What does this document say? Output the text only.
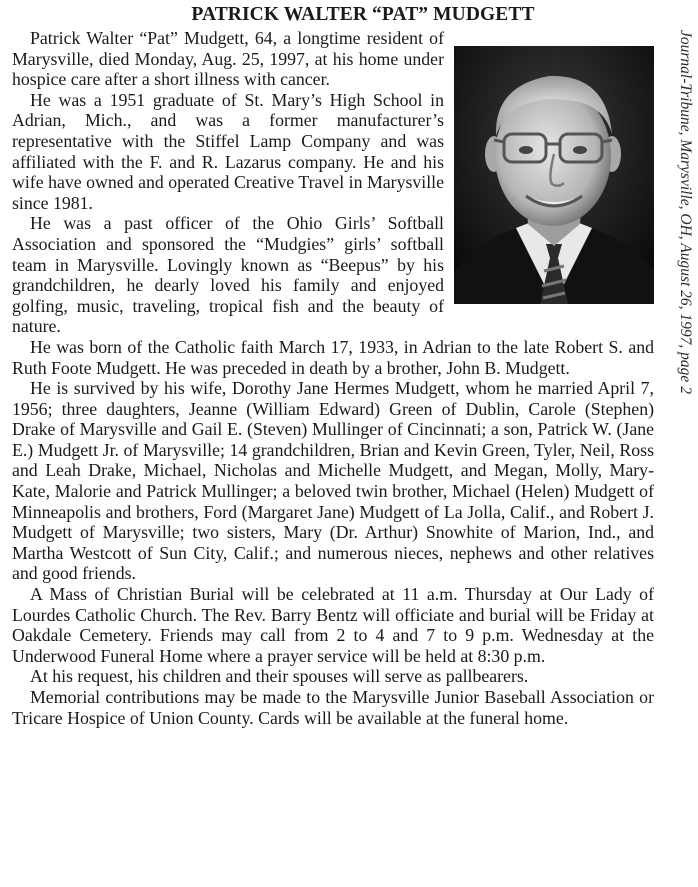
PATRICK WALTER “PAT” MUDGETT

Patrick Walter “Pat” Mudgett, 64, a longtime resident of Marysville, died Monday, Aug. 25, 1997, at his home under hospice care after a short illness with cancer.

He was a 1951 graduate of St. Mary’s High School in Adrian, Mich., and was a former manufacturer’s representative with the Stiffel Lamp Company and was affiliated with the F. and R. Lazarus company. He and his wife have owned and operated Creative Travel in Marysville since 1981.

He was a past officer of the Ohio Girls’ Softball Association and sponsored the “Mudgies” girls’ softball team in Marysville. Lovingly known as “Beepus” by his grandchildren, he dearly loved his family and enjoyed golfing, music, traveling, tropical fish and the beauty of nature.

He was born of the Catholic faith March 17, 1933, in Adrian to the late Robert S. and Ruth Foote Mudgett. He was preceded in death by a brother, John B. Mudgett.

He is survived by his wife, Dorothy Jane Hermes Mudgett, whom he married April 7, 1956; three daughters, Jeanne (William Edward) Green of Dublin, Carole (Stephen) Drake of Marysville and Gail E. (Steven) Mullinger of Cincinnati; a son, Patrick W. (Jane E.) Mudgett Jr. of Marysville; 14 grandchildren, Brian and Kevin Green, Tyler, Neil, Ross and Leah Drake, Michael, Nicholas and Michelle Mudgett, and Megan, Molly, Mary-Kate, Malorie and Patrick Mullinger; a beloved twin brother, Michael (Helen) Mudgett of Minneapolis and brothers, Ford (Margaret Jane) Mudgett of La Jolla, Calif., and Robert J. Mudgett of Marysville; two sisters, Mary (Dr. Arthur) Snowhite of Marion, Ind., and Martha Westcott of Sun City, Calif.; and numerous nieces, nephews and other relatives and good friends.

A Mass of Christian Burial will be celebrated at 11 a.m. Thursday at Our Lady of Lourdes Catholic Church. The Rev. Barry Bentz will officiate and burial will be Friday at Oakdale Cemetery. Friends may call from 2 to 4 and 7 to 9 p.m. Wednesday at the Underwood Funeral Home where a prayer service will be held at 8:30 p.m.

At his request, his children and their spouses will serve as pallbearers.

Memorial contributions may be made to the Marysville Junior Baseball Association or Tricare Hospice of Union County. Cards will be available at the funeral home.

Journal-Tribune, Marysville, OH, August 26, 1997, page 2
